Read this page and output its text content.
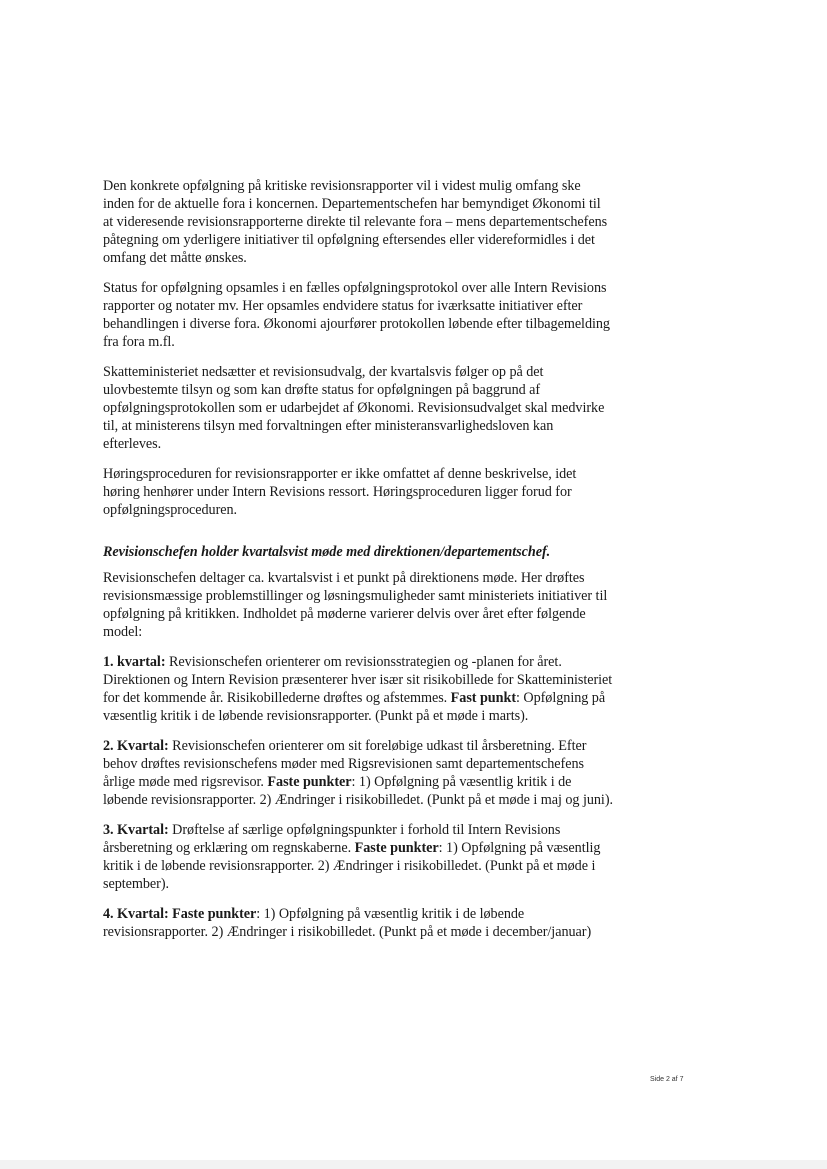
Den konkrete opfølgning på kritiske revisionsrapporter vil i videst mulig omfang ske inden for de aktuelle fora i koncernen. Departementschefen har bemyndiget Økonomi til at videresende revisionsrapporterne direkte til relevante fora – mens departementschefens påtegning om yderligere initiativer til opfølgning eftersendes eller videreformidles i det omfang det måtte ønskes.

Status for opfølgning opsamles i en fælles opfølgningsprotokol over alle Intern Revisions rapporter og notater mv. Her opsamles endvidere status for iværksatte initiativer efter behandlingen i diverse fora. Økonomi ajourfører protokollen løbende efter tilbagemelding fra fora m.fl.

Skatteministeriet nedsætter et revisionsudvalg, der kvartalsvis følger op på det ulovbestemte tilsyn og som kan drøfte status for opfølgningen på baggrund af opfølgningsprotokollen som er udarbejdet af Økonomi. Revisionsudvalget skal medvirke til, at ministerens tilsyn med forvaltningen efter ministeransvarlighedsloven kan efterleves.

Høringsproceduren for revisionsrapporter er ikke omfattet af denne beskrivelse, idet høring henhører under Intern Revisions ressort. Høringsproceduren ligger forud for opfølgningsproceduren.

Revisionschefen holder kvartalsvist møde med direktionen/departementschef.

Revisionschefen deltager ca. kvartalsvist i et punkt på direktionens møde. Her drøftes revisionsmæssige problemstillinger og løsningsmuligheder samt ministeriets initiativer til opfølgning på kritikken. Indholdet på møderne varierer delvis over året efter følgende model:

1. kvartal: Revisionschefen orienterer om revisionsstrategien og -planen for året. Direktionen og Intern Revision præsenterer hver især sit risikobillede for Skatteministeriet for det kommende år. Risikobillederne drøftes og afstemmes. Fast punkt: Opfølgning på væsentlig kritik i de løbende revisionsrapporter. (Punkt på et møde i marts).

2. Kvartal: Revisionschefen orienterer om sit foreløbige udkast til årsberetning. Efter behov drøftes revisionschefens møder med Rigsrevisionen samt departementschefens årlige møde med rigsrevisor. Faste punkter: 1) Opfølgning på væsentlig kritik i de løbende revisionsrapporter. 2) Ændringer i risikobilledet. (Punkt på et møde i maj og juni).

3. Kvartal: Drøftelse af særlige opfølgningspunkter i forhold til Intern Revisions årsberetning og erklæring om regnskaberne. Faste punkter: 1) Opfølgning på væsentlig kritik i de løbende revisionsrapporter. 2) Ændringer i risikobilledet. (Punkt på et møde i september).

4. Kvartal: Faste punkter: 1) Opfølgning på væsentlig kritik i de løbende revisionsrapporter. 2) Ændringer i risikobilledet. (Punkt på et møde i december/januar)

Side 2 af 7
